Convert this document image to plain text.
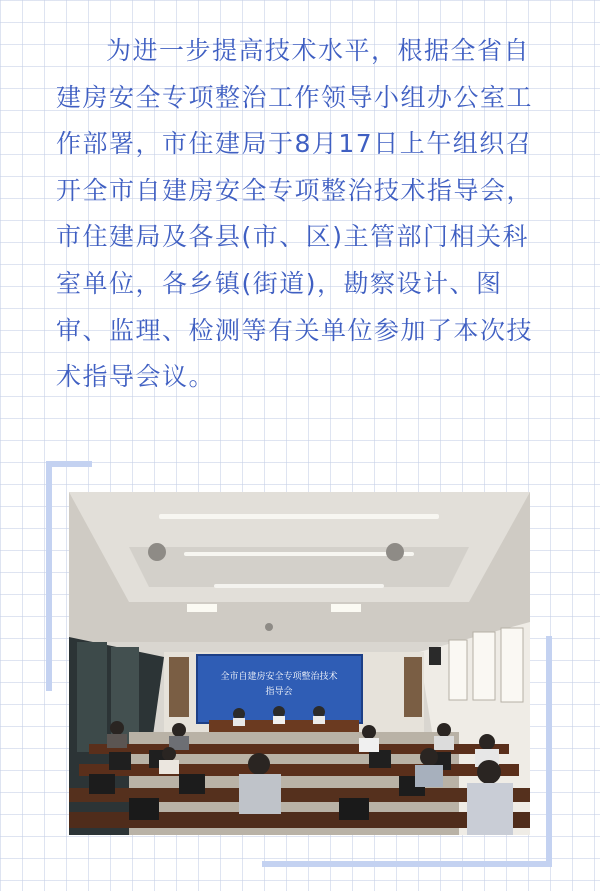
为进一步提高技术水平，根据全省自建房安全专项整治工作领导小组办公室工作部署，市住建局于8月17日上午组织召开全市自建房安全专项整治技术指导会，市住建局及各县(市、区)主管部门相关科室单位，各乡镇(街道)，勘察设计、图审、监理、检测等有关单位参加了本次技术指导会议。

全市自建房安全专项整治技术
指导会
